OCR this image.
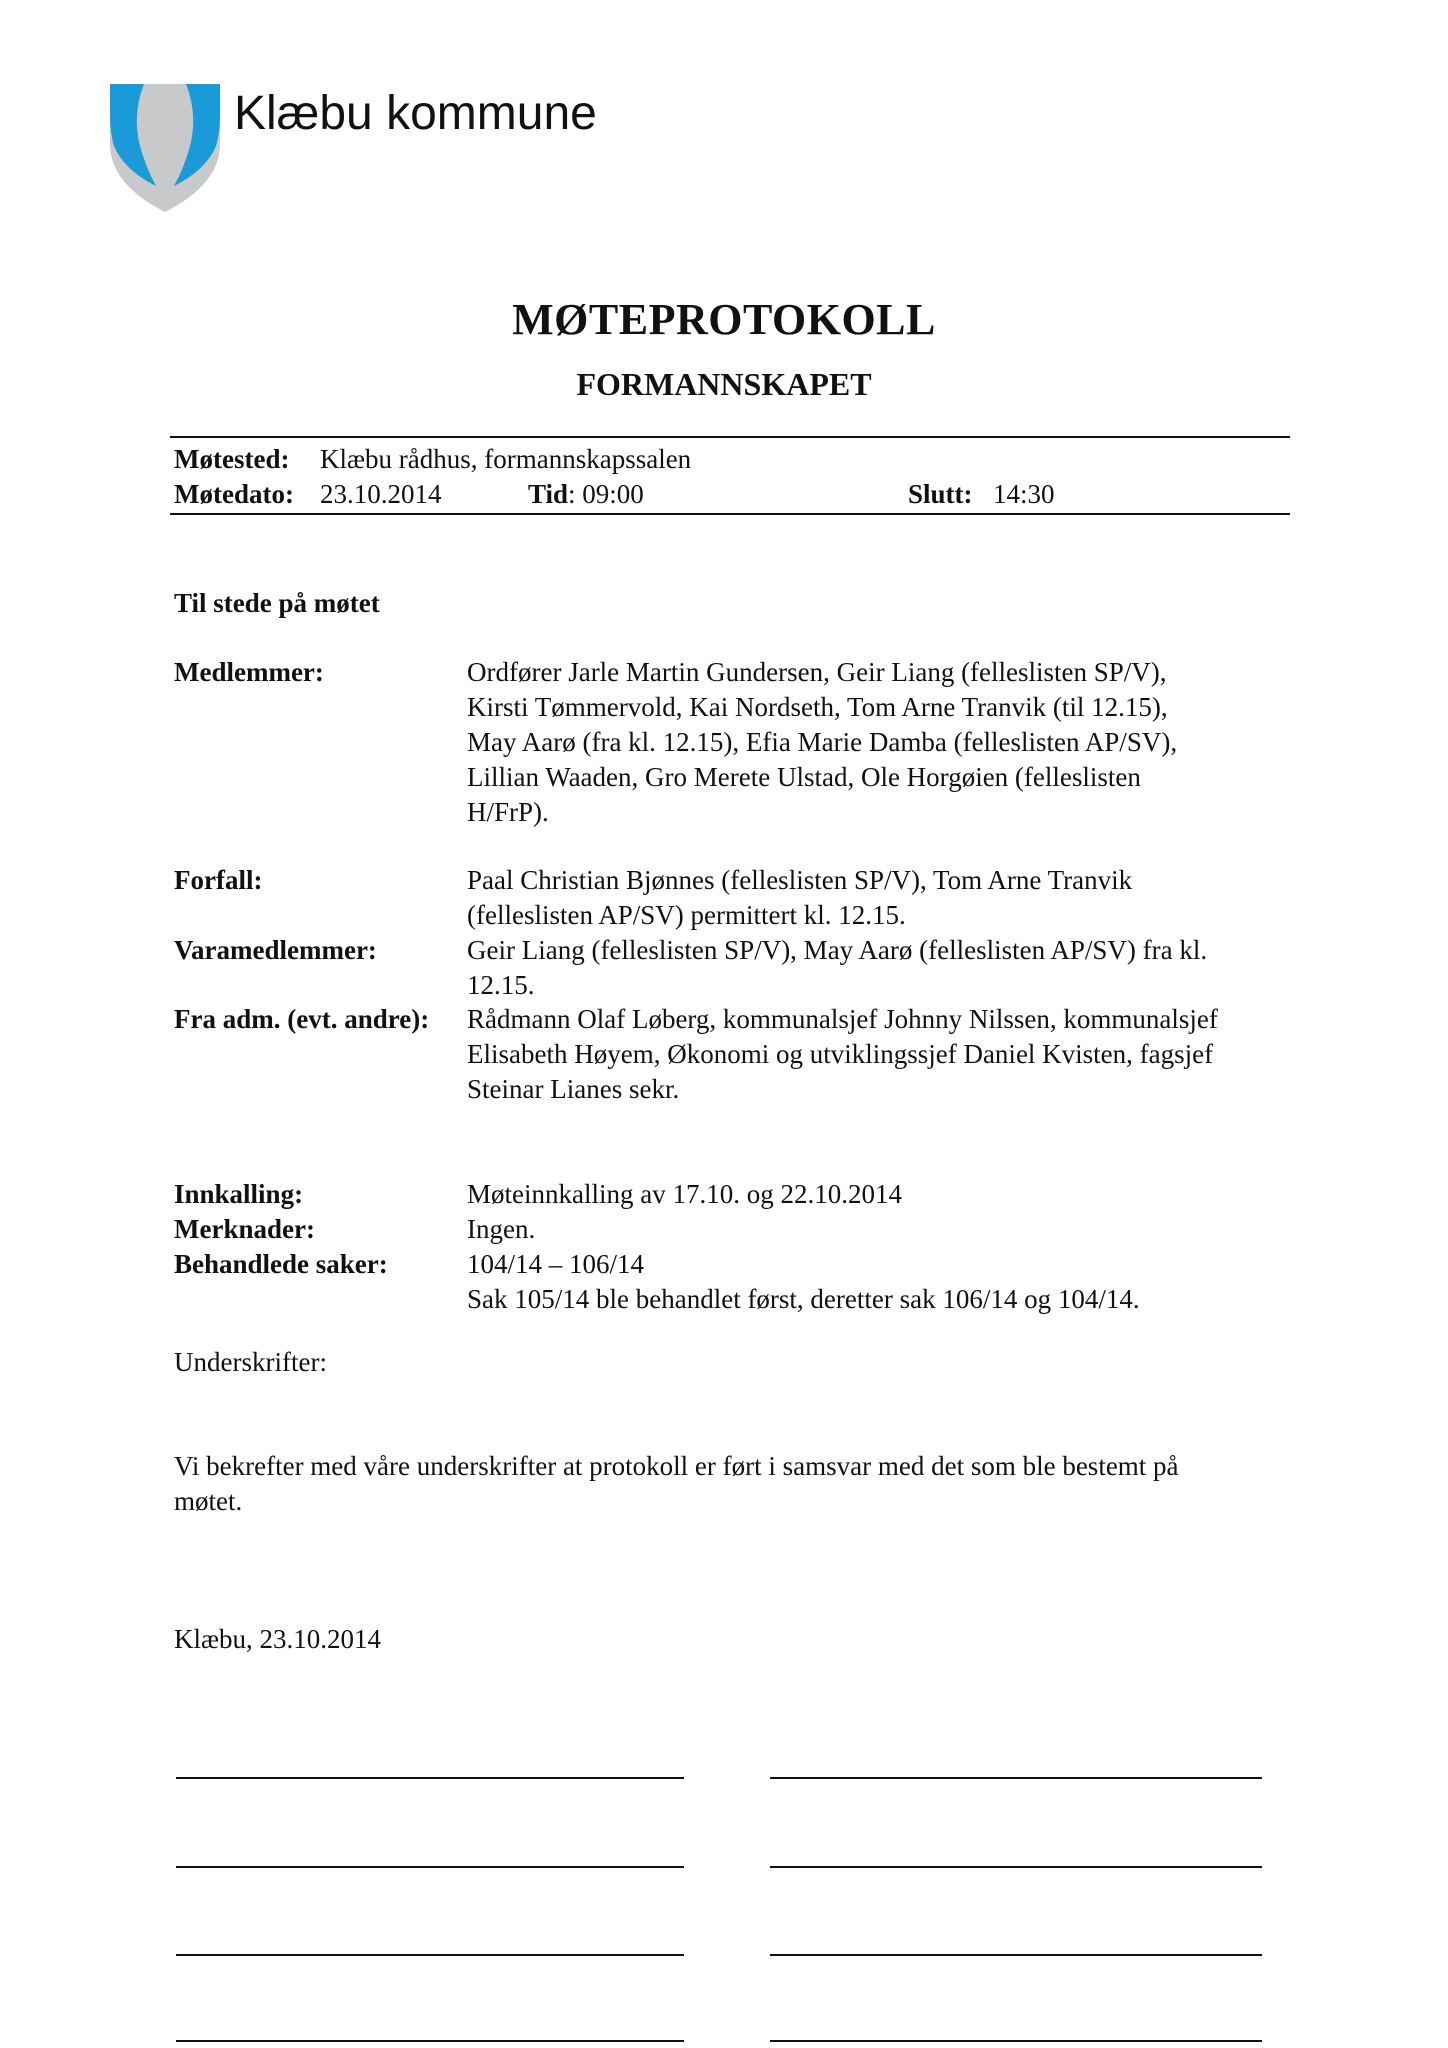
Klæbu kommune
MØTEPROTOKOLL
FORMANNSKAPET
Møtested: Klæbu rådhus, formannskapssalen
Møtedato: 23.10.2014	Tid: 09:00	Slutt: 14:30
Til stede på møtet
Medlemmer:	Ordfører Jarle Martin Gundersen, Geir Liang (felleslisten SP/V),
Kirsti Tømmervold, Kai Nordseth, Tom Arne Tranvik (til 12.15),
May Aarø (fra kl. 12.15), Efia Marie Damba (felleslisten AP/SV),
Lillian Waaden, Gro Merete Ulstad, Ole Horgøien (felleslisten
H/FrP).
Forfall:	Paal Christian Bjønnes (felleslisten SP/V), Tom Arne Tranvik
(felleslisten AP/SV) permittert kl. 12.15.
Varamedlemmer:	Geir Liang (felleslisten SP/V), May Aarø (felleslisten AP/SV) fra kl.
12.15.
Fra adm. (evt. andre): Rådmann Olaf Løberg, kommunalsjef Johnny Nilssen, kommunalsjef
Elisabeth Høyem, Økonomi og utviklingssjef Daniel Kvisten, fagsjef
Steinar Lianes sekr.
Innkalling:	Møteinnkalling av 17.10. og 22.10.2014
Merknader:	Ingen.
Behandlede saker:	104/14 – 106/14
Sak 105/14 ble behandlet først, deretter sak 106/14 og 104/14.
Underskrifter:
Vi bekrefter med våre underskrifter at protokoll er ført i samsvar med det som ble bestemt på
møtet.
Klæbu, 23.10.2014
